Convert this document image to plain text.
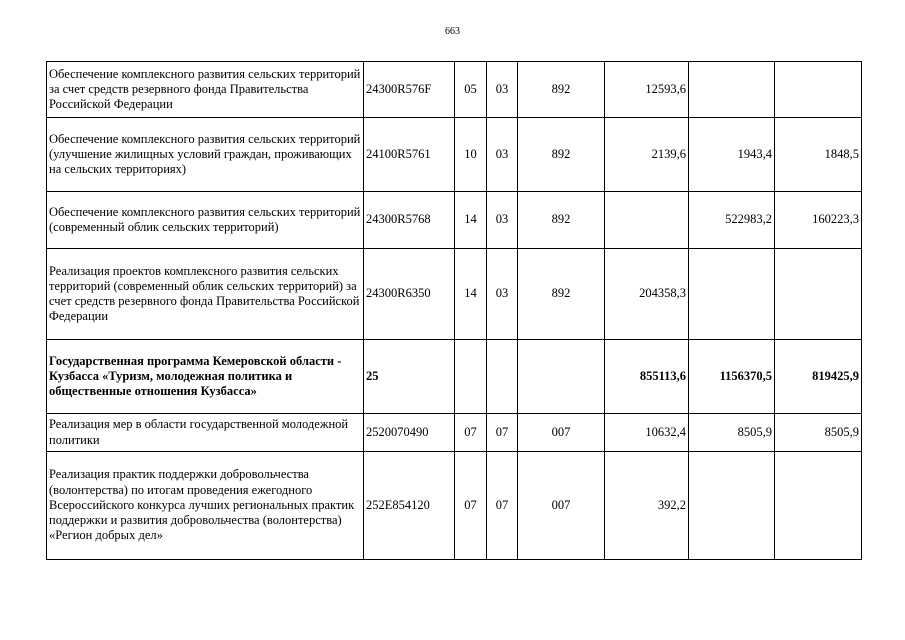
663
Обеспечение комплексного развития сельских территорий за счет средств резервного фонда Правительства Российской Федерации	24300R576F	05	03	892	12593,6		
Обеспечение комплексного развития сельских территорий (улучшение жилищных условий граждан, проживающих на сельских территориях)	24100R5761	10	03	892	2139,6	1943,4	1848,5
Обеспечение комплексного развития сельских территорий (современный облик сельских территорий)	24300R5768	14	03	892		522983,2	160223,3
Реализация проектов комплексного развития сельских территорий (современный облик сельских территорий) за счет средств резервного фонда Правительства Российской Федерации	24300R6350	14	03	892	204358,3		
Государственная программа Кемеровской области - Кузбасса «Туризм, молодежная политика и общественные отношения Кузбасса»	25				855113,6	1156370,5	819425,9
Реализация мер в области государственной молодежной политики	2520070490	07	07	007	10632,4	8505,9	8505,9
Реализация практик поддержки добровольчества (волонтерства) по итогам проведения ежегодного Всероссийского конкурса лучших региональных практик поддержки и развития добровольчества (волонтерства) «Регион добрых дел»	252E854120	07	07	007	392,2		
